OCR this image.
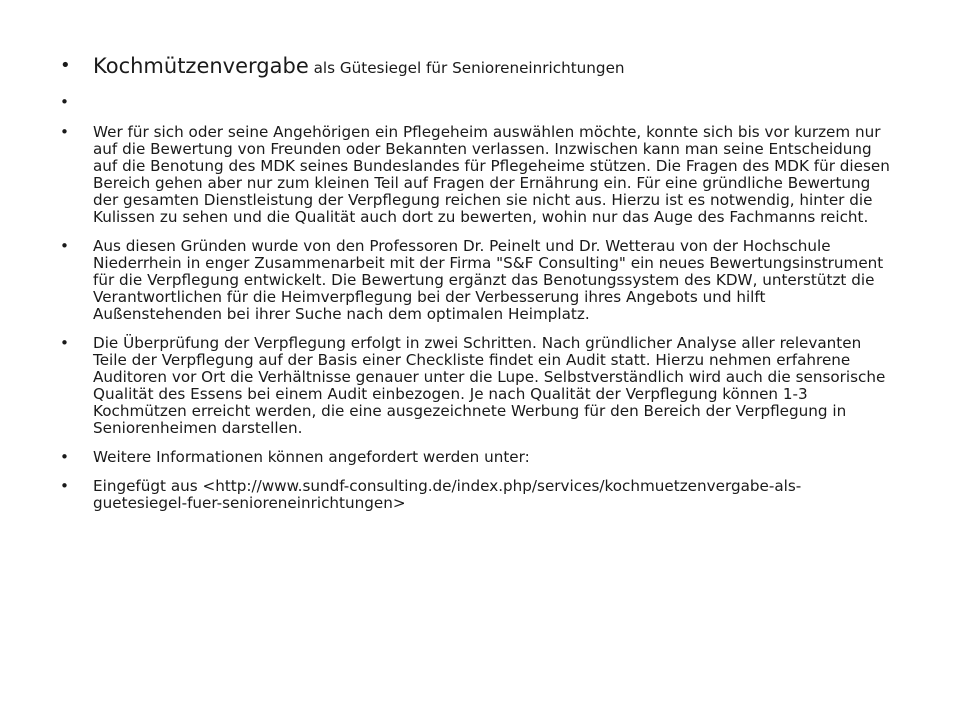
• Kochmützenvergabe als Gütesiegel für Senioreneinrichtungen
•
• Wer für sich oder seine Angehörigen ein Pflegeheim auswählen möchte, konnte sich bis vor kurzem nur auf die Bewertung von Freunden oder Bekannten verlassen. Inzwischen kann man seine Entscheidung auf die Benotung des MDK seines Bundeslandes für Pflegeheime stützen. Die Fragen des MDK für diesen Bereich gehen aber nur zum kleinen Teil auf Fragen der Ernährung ein. Für eine gründliche Bewertung der gesamten Dienstleistung der Verpflegung reichen sie nicht aus. Hierzu ist es notwendig, hinter die Kulissen zu sehen und die Qualität auch dort zu bewerten, wohin nur das Auge des Fachmanns reicht.
• Aus diesen Gründen wurde von den Professoren Dr. Peinelt und Dr. Wetterau von der Hochschule Niederrhein in enger Zusammenarbeit mit der Firma "S&F Consulting" ein neues Bewertungsinstrument für die Verpflegung entwickelt. Die Bewertung ergänzt das Benotungssystem des KDW, unterstützt die Verantwortlichen für die Heimverpflegung bei der Verbesserung ihres Angebots und hilft Außenstehenden bei ihrer Suche nach dem optimalen Heimplatz.
• Die Überprüfung der Verpflegung erfolgt in zwei Schritten. Nach gründlicher Analyse aller relevanten Teile der Verpflegung auf der Basis einer Checkliste findet ein Audit statt. Hierzu nehmen erfahrene Auditoren vor Ort die Verhältnisse genauer unter die Lupe. Selbstverständlich wird auch die sensorische Qualität des Essens bei einem Audit einbezogen. Je nach Qualität der Verpflegung können 1-3 Kochmützen erreicht werden, die eine ausgezeichnete Werbung für den Bereich der Verpflegung in Seniorenheimen darstellen.
• Weitere Informationen können angefordert werden unter:
• Eingefügt aus <http://www.sundf-consulting.de/index.php/services/kochmuetzenvergabe-als-guetesiegel-fuer-senioreneinrichtungen>
